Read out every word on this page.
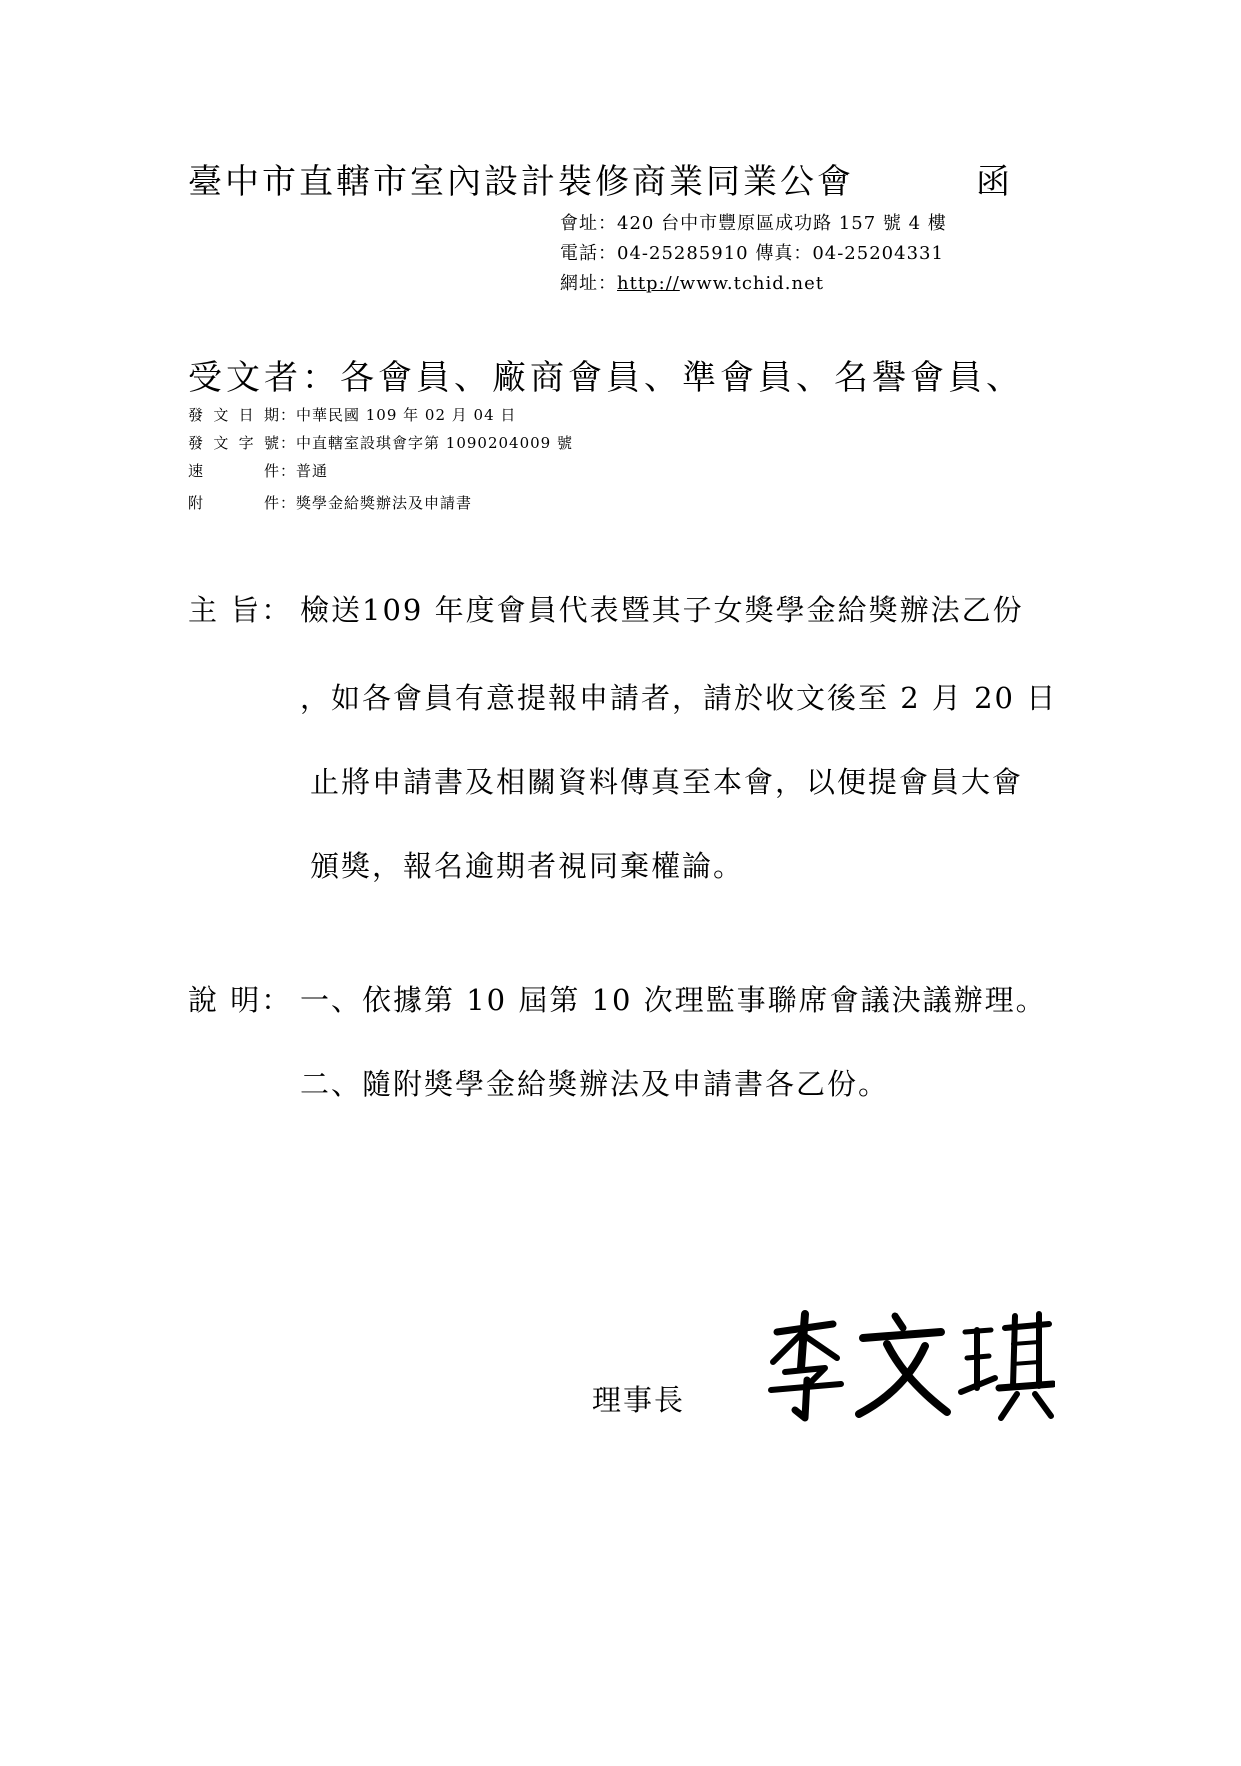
臺中市直轄市室內設計裝修商業同業公會	函
會址：420 台中市豐原區成功路 157 號 4 樓
電話：04-25285910 傳真：04-25204331
網址：http://www.tchid.net
受文者：各會員、廠商會員、準會員、名譽會員、
發文日期：中華民國 109 年 02 月 04 日
發文字號：中直轄室設琪會字第 1090204009 號
速件：普通
附件：獎學金給獎辦法及申請書
主 旨： 檢送109 年度會員代表暨其子女獎學金給獎辦法乙份
，如各會員有意提報申請者，請於收文後至 2 月 20 日
止將申請書及相關資料傳真至本會，以便提會員大會
頒獎，報名逾期者視同棄權論。
說 明： 一、依據第 10 屆第 10 次理監事聯席會議決議辦理。
二、隨附獎學金給獎辦法及申請書各乙份。
理事長
